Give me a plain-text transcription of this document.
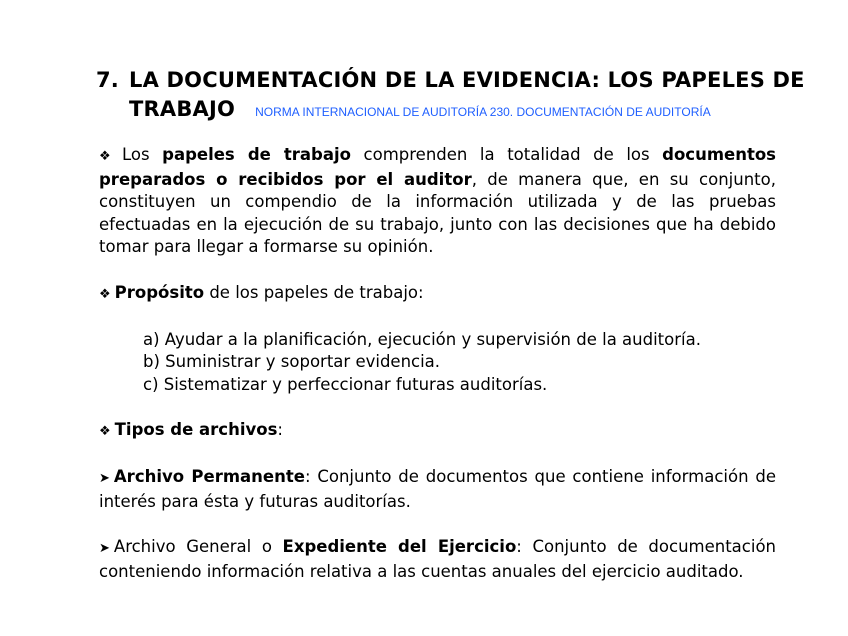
7. LA DOCUMENTACIÓN DE LA EVIDENCIA: LOS PAPELES DE
TRABAJO NORMA INTERNACIONAL DE AUDITORÍA 230. DOCUMENTACIÓN DE AUDITORÍA
❖ Los papeles de trabajo comprenden la totalidad de los documentos preparados o recibidos por el auditor, de manera que, en su conjunto, constituyen un compendio de la información utilizada y de las pruebas efectuadas en la ejecución de su trabajo, junto con las decisiones que ha debido tomar para llegar a formarse su opinión.
❖ Propósito de los papeles de trabajo:
a) Ayudar a la planificación, ejecución y supervisión de la auditoría.
b) Suministrar y soportar evidencia.
c) Sistematizar y perfeccionar futuras auditorías.
❖ Tipos de archivos:
➤ Archivo Permanente: Conjunto de documentos que contiene información de interés para ésta y futuras auditorías.
➤ Archivo General o Expediente del Ejercicio: Conjunto de documentación conteniendo información relativa a las cuentas anuales del ejercicio auditado.
